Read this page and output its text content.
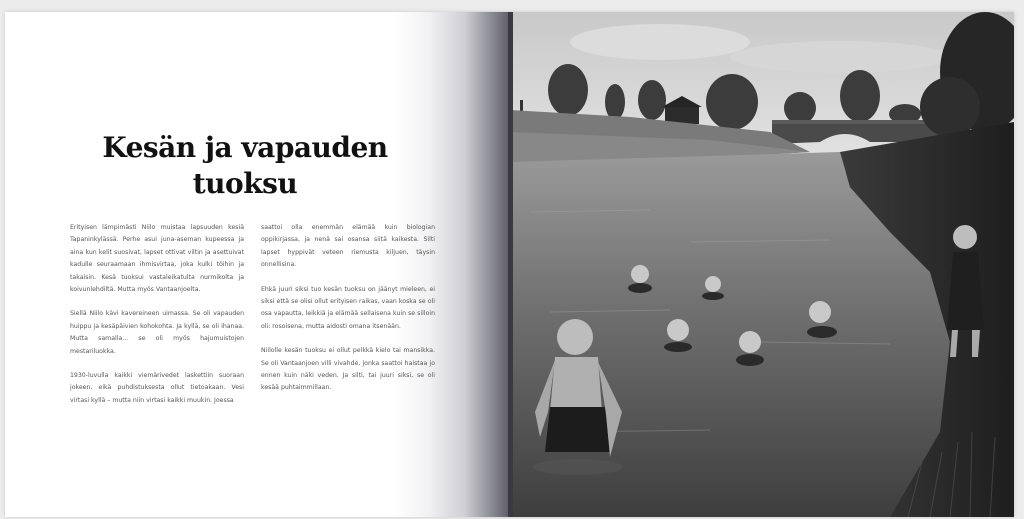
Kesän ja vapauden tuoksu

Erityisen lämpimästi Niilo muistaa lapsuuden kesiä Tapaninkylässä. Perhe asui juna-aseman kupeessa ja aina kun kelit suosivat, lapset ottivat viltin ja asettuivat kadulle seuraamaan ihmisvirtaa, joka kulki töihin ja takaisin. Kesä tuoksui vastaleikatulta nurmikolta ja koivunlehdiltä. Mutta myös Vantaanjoelta.

Siellä Niilo kävi kavereineen uimassa. Se oli vapauden huippu ja kesäpäivien kohokohta. Ja kyllä, se oli ihanaa. Mutta samalla... se oli myös hajumuistojen mestariluokka.

1930-luvulla kaikki viemärivedet laskettiin suoraan jokeen, eikä puhdistuksesta ollut tietoakaan. Vesi virtasi kyllä – mutta niin virtasi kaikki muukin. Joessa

saattoi olla enemmän elämää kuin biologian oppikirjassa, ja nenä sai osansa siitä kaikesta. Silti lapset hyppivät veteen riemusta kiljuen, täysin onnellisina.

Ehkä juuri siksi tuo kesän tuoksu on jäänyt mieleen, ei siksi että se olisi ollut erityisen raikas, vaan koska se oli osa vapautta, leikkiä ja elämää sellaisena kuin se silloin oli: rosoisena, mutta aidosti omana itsenään.

Niilolle kesän tuoksu ei ollut pelkkä kielo tai mansikka. Se oli Vantaanjoen villi vivahde, jonka saattoi haistaa jo ennen kuin näki veden. Ja silti, tai juuri siksi, se oli kesää puhtaimmillaan.
